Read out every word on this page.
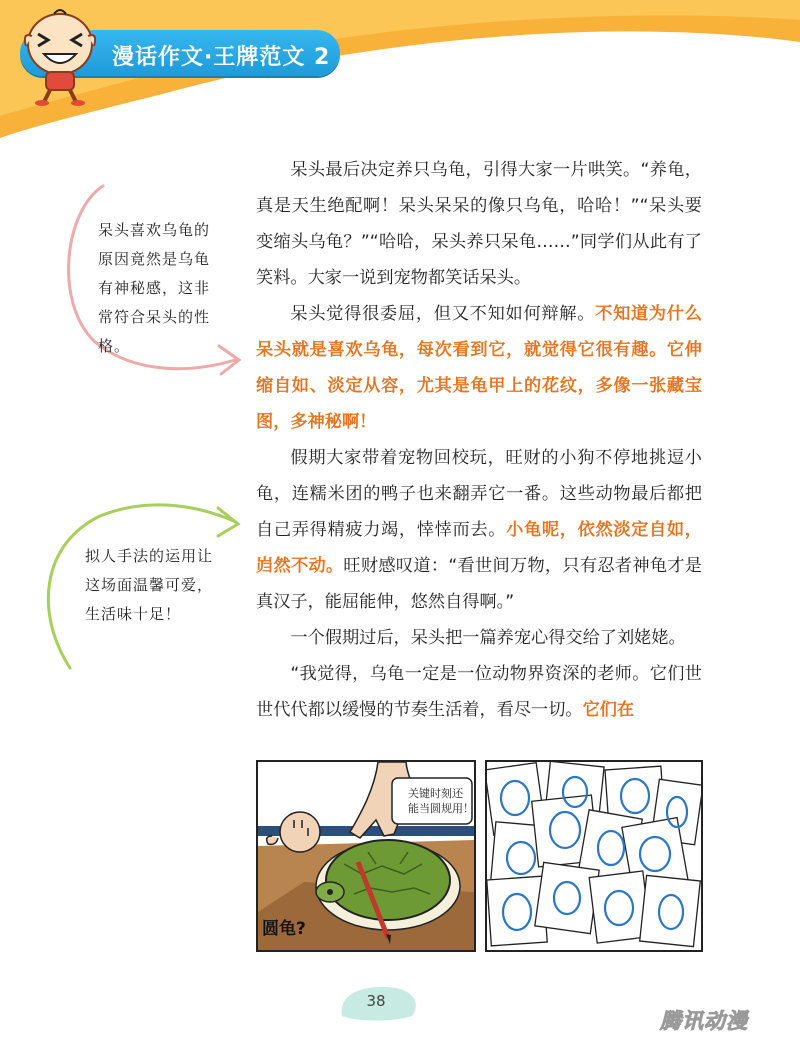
漫话作文·王牌范文 2

呆头最后决定养只乌龟，引得大家一片哄笑。“养龟，真是天生绝配啊！呆头呆呆的像只乌龟，哈哈！”“呆头要变缩头乌龟？”“哈哈，呆头养只呆龟……”同学们从此有了笑料。大家一说到宠物都笑话呆头。

呆头觉得很委屈，但又不知如何辩解。不知道为什么呆头就是喜欢乌龟，每次看到它，就觉得它很有趣。它伸缩自如、淡定从容，尤其是龟甲上的花纹，多像一张藏宝图，多神秘啊！

假期大家带着宠物回校玩，旺财的小狗不停地挑逗小龟，连糯米团的鸭子也来翻弄它一番。这些动物最后都把自己弄得精疲力竭，悻悻而去。小龟呢，依然淡定自如，岿然不动。旺财感叹道：“看世间万物，只有忍者神龟才是真汉子，能屈能伸，悠然自得啊。”

一个假期过后，呆头把一篇养宠心得交给了刘姥姥。

“我觉得，乌龟一定是一位动物界资深的老师。它们世世代代都以缓慢的节奏生活着，看尽一切。它们在

呆头喜欢乌龟的原因竟然是乌龟有神秘感，这非常符合呆头的性格。
拟人手法的运用让这场面温馨可爱，生活味十足！
关键时刻还
能当圆规用！
圆龟?
38
腾讯动漫
